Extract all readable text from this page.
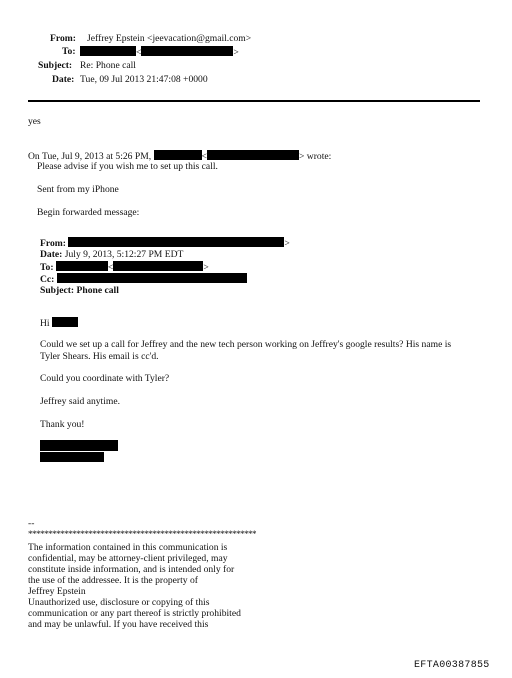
From: Jeffrey Epstein <jeevacation@gmail.com>
To:	<	>
Subject: Re: Phone call
Date: Tue, 09 Jul 2013 21:47:08 +0000
yes
On Tue, Jul 9, 2013 at 5:26 PM,	<	> wrote:
Please advise if you wish me to set up this call.
Sent from my iPhone
Begin forwarded message:
From:	>
Date: July 9, 2013, 5:12:27 PM EDT
To:	<	>
Cc:
Subject: Phone call
Hi
Could we set up a call for Jeffrey and the new tech person working on Jeffrey's google results? His name is
Tyler Shears. His email is cc'd.
Could you coordinate with Tyler?
Jeffrey said anytime.
Thank you!
--
*********************************************************
The information contained in this communication is
confidential, may be attorney-client privileged, may
constitute inside information, and is intended only for
the use of the addressee. It is the property of
Jeffrey Epstein
Unauthorized use, disclosure or copying of this
communication or any part thereof is strictly prohibited
and may be unlawful. If you have received this
EFTA00387855
